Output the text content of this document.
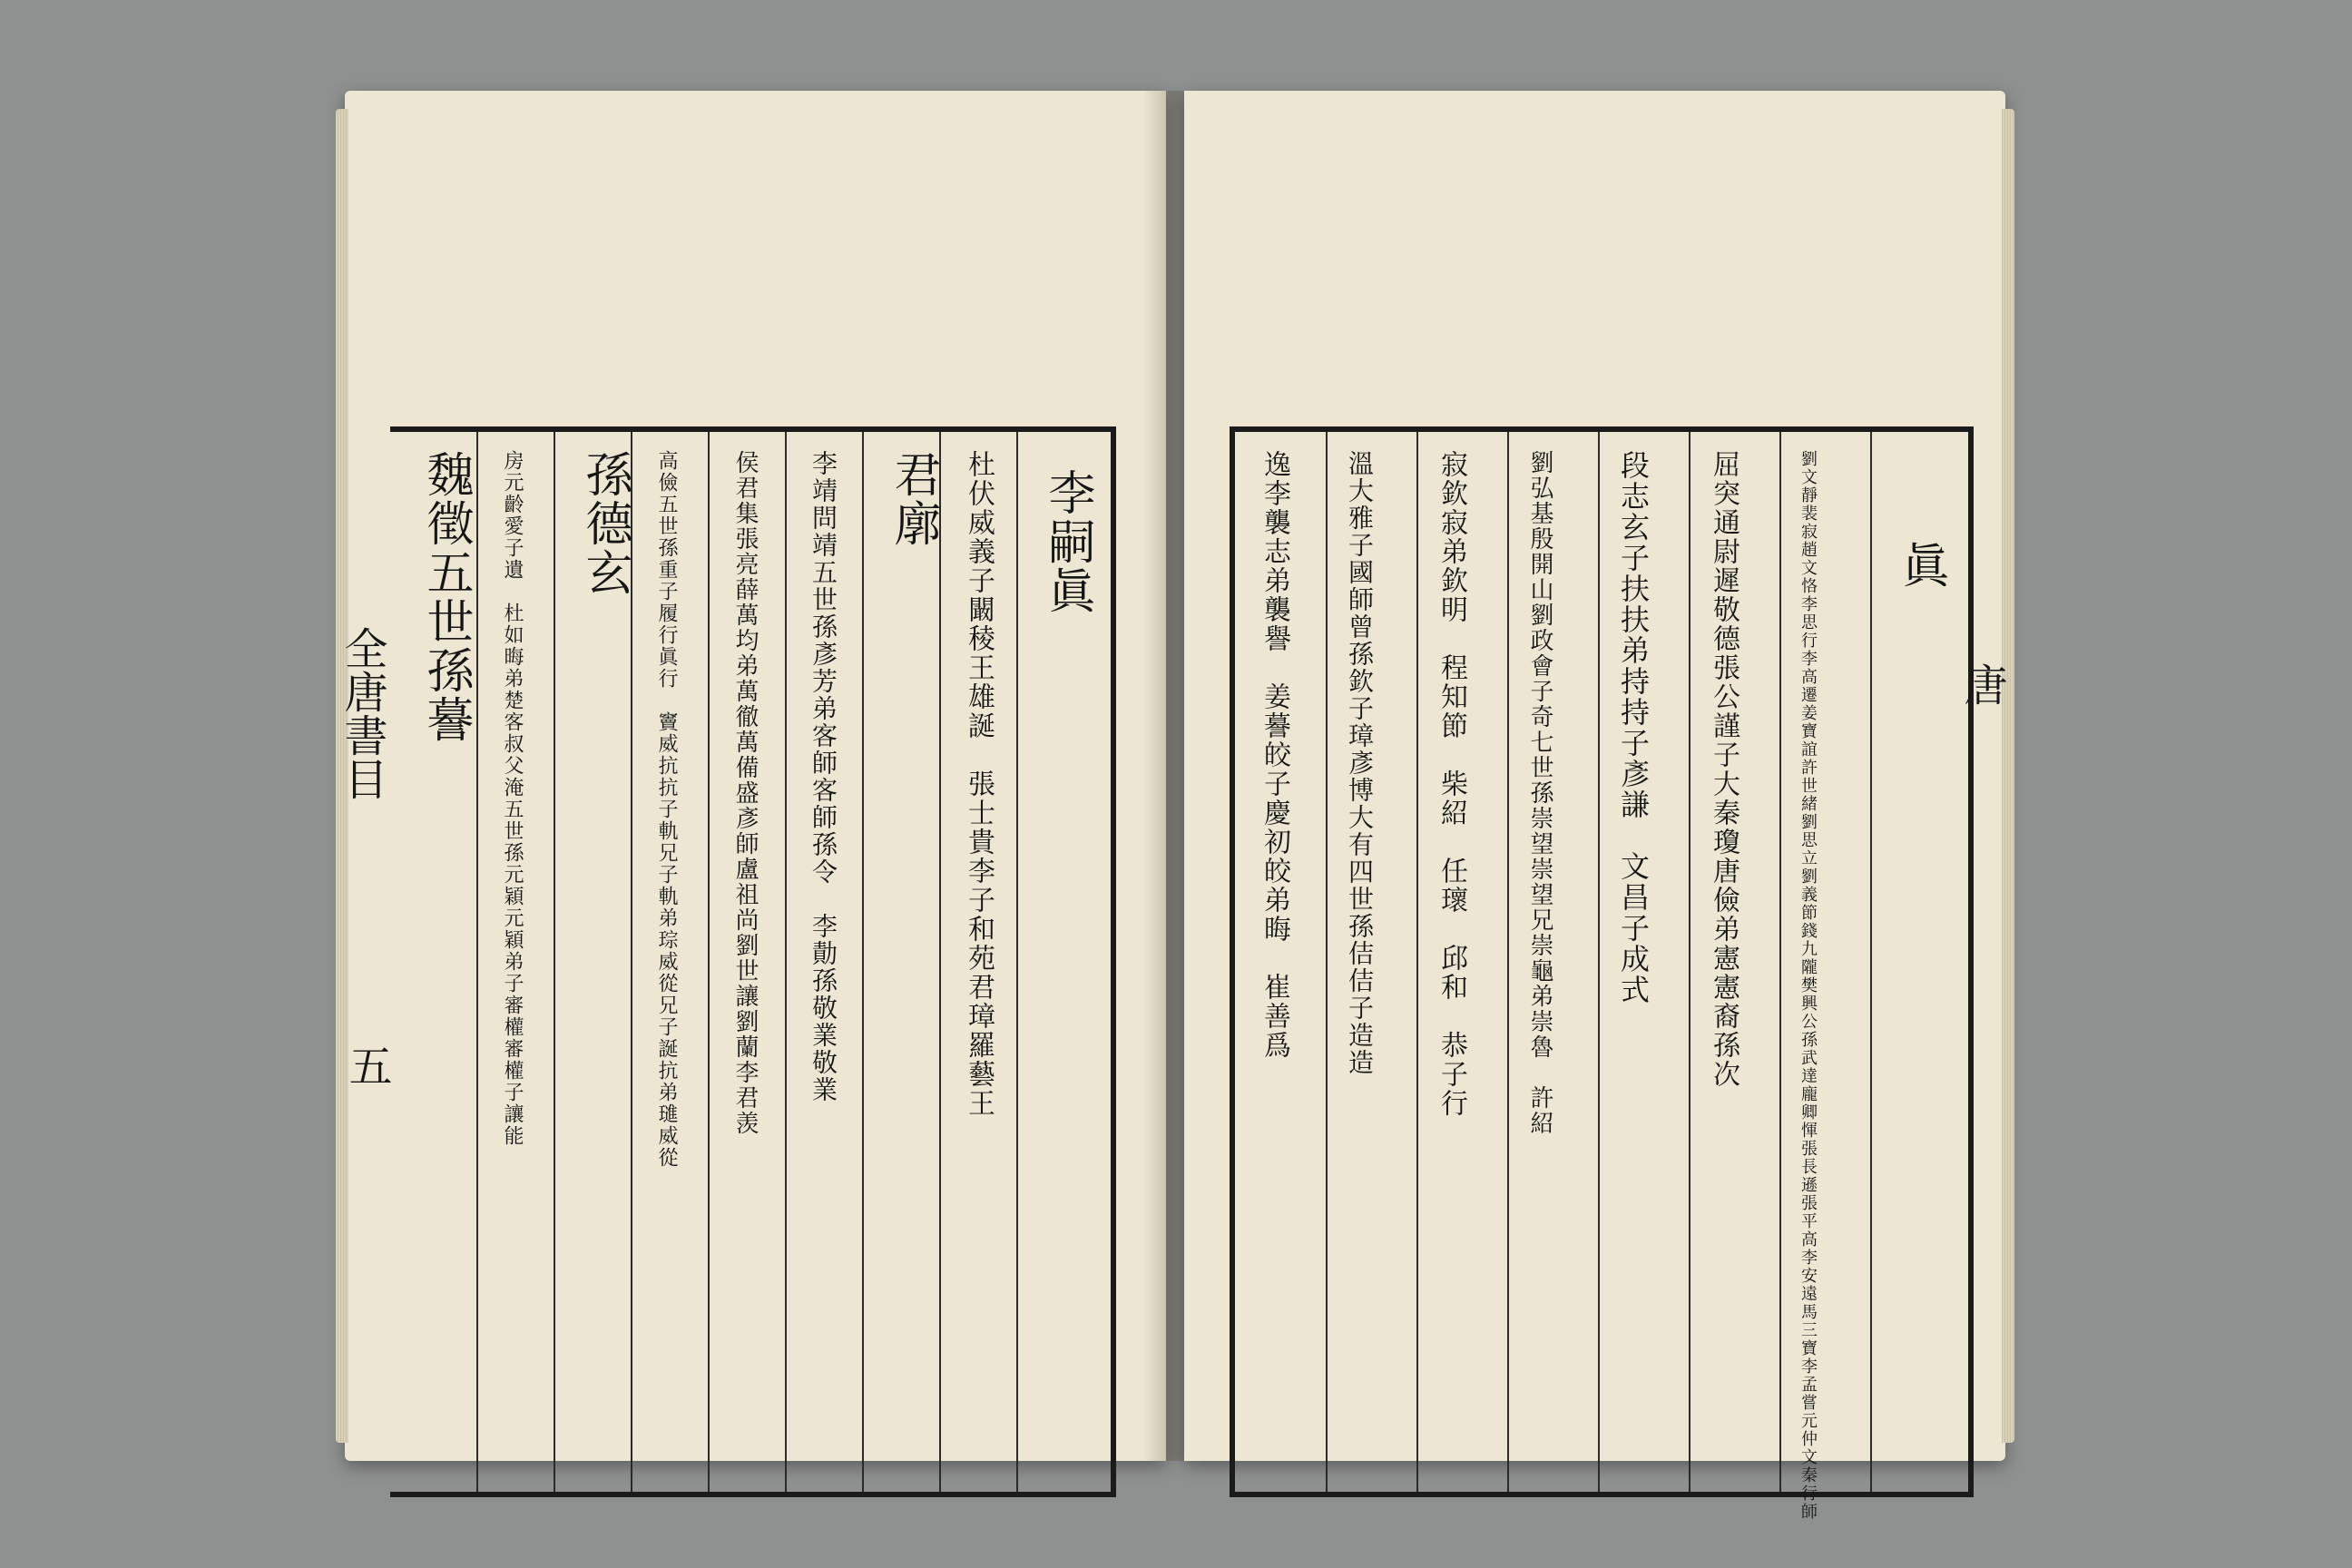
李嗣眞
杜伏威義子闞稜王雄誕　張士貴李子和苑君璋羅藝王
君廓
李靖問靖五世孫彥芳弟客師客師孫令　李勣孫敬業敬業
侯君集張亮薛萬均弟萬徹萬備盛彥師盧祖尚劉世讓劉蘭李君羡
高儉五世孫重子履行眞行　竇威抗抗子軌兄子軌弟琮威從兄子誕抗弟璡威從
孫德玄
房元齡愛子遺　杜如晦弟楚客叔父淹五世孫元穎元穎弟子審權審權子讓能
魏徵五世孫謩
全唐書目
五
眞
劉文靜裴寂趙文恪李思行李高遷姜寶誼許世緒劉思立劉義節錢九隴樊興公孫武達龐卿惲張長遜張平高李安遠馬三寶李孟嘗元仲文秦行師
屈突通尉遲敬德張公謹子大秦瓊唐儉弟憲憲裔孫次
段志玄子扶扶弟持持子彥謙　文昌子成式
劉弘基殷開山劉政會子奇七世孫崇望崇望兄崇龜弟崇魯　許紹
寂欽寂弟欽明　程知節　柴紹　任瓌　邱和　恭子行
溫大雅子國師曾孫欽子璋彥博大有四世孫佶佶子造造
逸李襲志弟襲譽　姜謩皎子慶初皎弟晦　崔善爲	唐
